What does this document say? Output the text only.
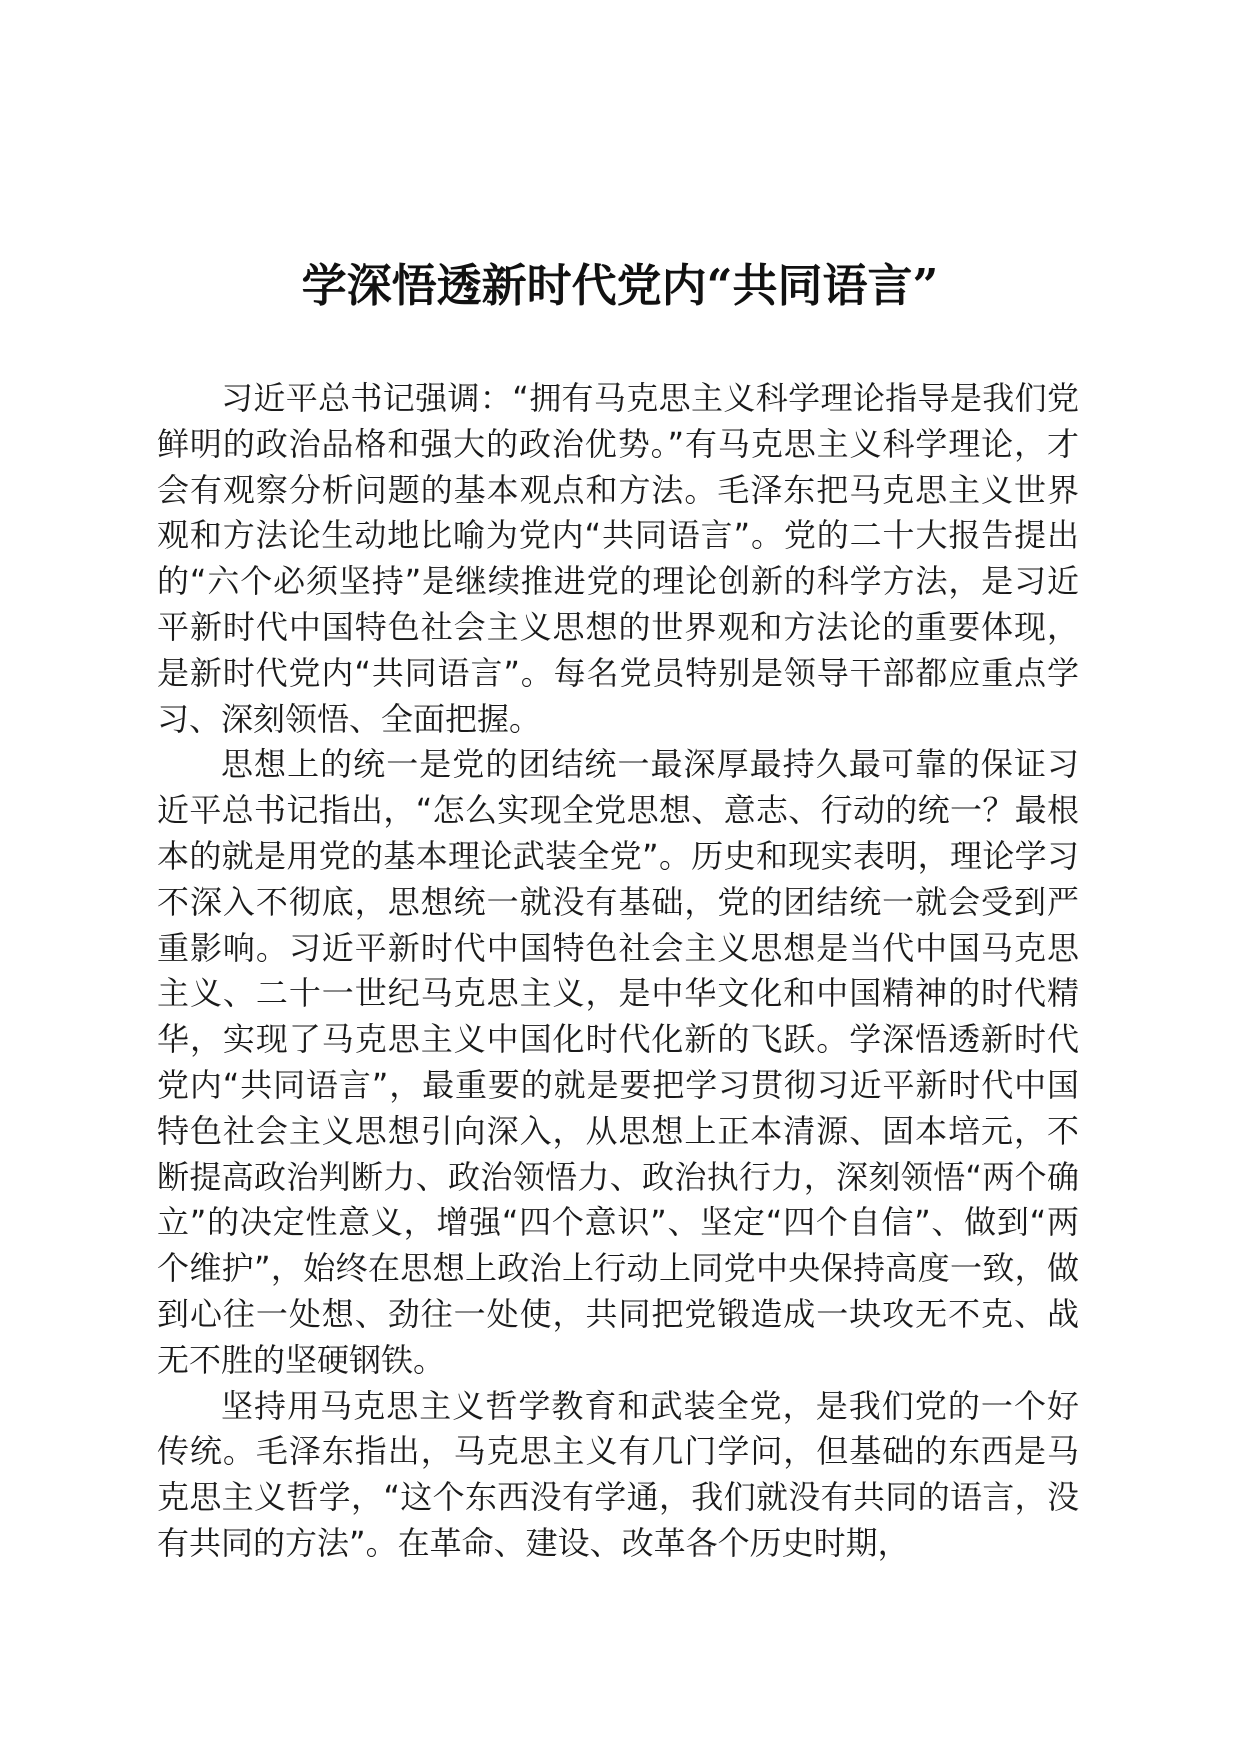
学深悟透新时代党内“共同语言”

习近平总书记强调：“拥有马克思主义科学理论指导是我们党鲜明的政治品格和强大的政治优势。”有马克思主义科学理论，才会有观察分析问题的基本观点和方法。毛泽东把马克思主义世界观和方法论生动地比喻为党内“共同语言”。党的二十大报告提出的“六个必须坚持”是继续推进党的理论创新的科学方法，是习近平新时代中国特色社会主义思想的世界观和方法论的重要体现，是新时代党内“共同语言”。每名党员特别是领导干部都应重点学习、深刻领悟、全面把握。

思想上的统一是党的团结统一最深厚最持久最可靠的保证习近平总书记指出，“怎么实现全党思想、意志、行动的统一？最根本的就是用党的基本理论武装全党”。历史和现实表明，理论学习不深入不彻底，思想统一就没有基础，党的团结统一就会受到严重影响。习近平新时代中国特色社会主义思想是当代中国马克思主义、二十一世纪马克思主义，是中华文化和中国精神的时代精华，实现了马克思主义中国化时代化新的飞跃。学深悟透新时代党内“共同语言”，最重要的就是要把学习贯彻习近平新时代中国特色社会主义思想引向深入，从思想上正本清源、固本培元，不断提高政治判断力、政治领悟力、政治执行力，深刻领悟“两个确立”的决定性意义，增强“四个意识”、坚定“四个自信”、做到“两个维护”，始终在思想上政治上行动上同党中央保持高度一致，做到心往一处想、劲往一处使，共同把党锻造成一块攻无不克、战无不胜的坚硬钢铁。

坚持用马克思主义哲学教育和武装全党，是我们党的一个好传统。毛泽东指出，马克思主义有几门学问，但基础的东西是马克思主义哲学，“这个东西没有学通，我们就没有共同的语言，没有共同的方法”。在革命、建设、改革各个历史时期，
